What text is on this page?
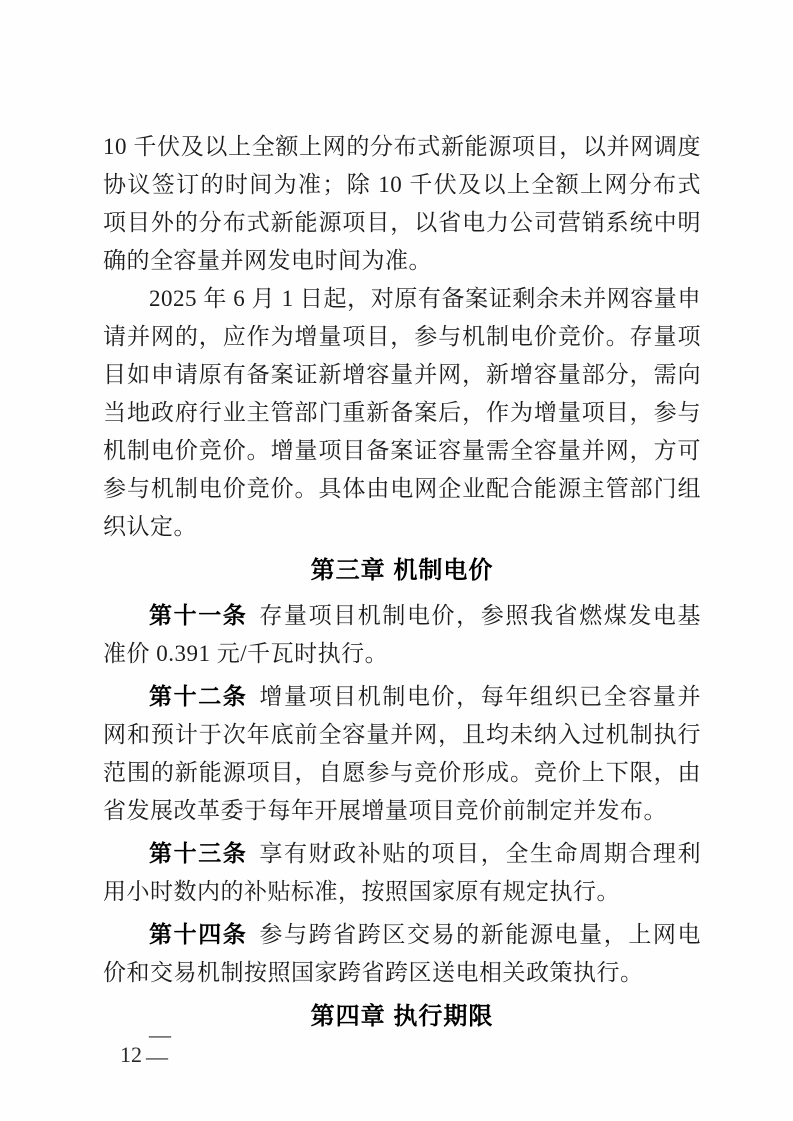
10 千伏及以上全额上网的分布式新能源项目，以并网调度协议签订的时间为准；除 10 千伏及以上全额上网分布式项目外的分布式新能源项目，以省电力公司营销系统中明确的全容量并网发电时间为准。

2025 年 6 月 1 日起，对原有备案证剩余未并网容量申请并网的，应作为增量项目，参与机制电价竞价。存量项目如申请原有备案证新增容量并网，新增容量部分，需向当地政府行业主管部门重新备案后，作为增量项目，参与机制电价竞价。增量项目备案证容量需全容量并网，方可参与机制电价竞价。具体由电网企业配合能源主管部门组织认定。

第三章 机制电价

第十一条 存量项目机制电价，参照我省燃煤发电基准价 0.391 元/千瓦时执行。

第十二条 增量项目机制电价，每年组织已全容量并网和预计于次年底前全容量并网，且均未纳入过机制执行范围的新能源项目，自愿参与竞价形成。竞价上下限，由省发展改革委于每年开展增量项目竞价前制定并发布。

第十三条 享有财政补贴的项目，全生命周期合理利用小时数内的补贴标准，按照国家原有规定执行。

第十四条 参与跨省跨区交易的新能源电量，上网电价和交易机制按照国家跨省跨区送电相关政策执行。

第四章 执行期限
—
12 —
